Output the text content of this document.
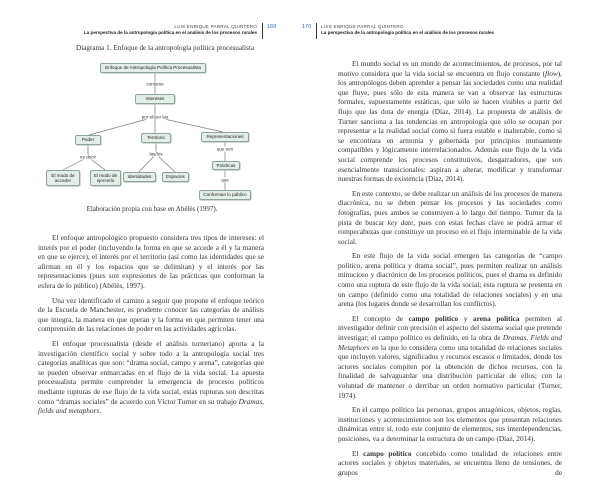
LUIS ENRIQUE PARRAL QUINTERO
La perspectiva de la antropología política en el análisis de los procesos rurales
169	170 LUIS ENRIQUE PARRAL QUINTERO
La perspectiva de la antropología política en el análisis de los procesos rurales
Diagrama 1. Enfoque de la antropología política procesualista
Enfoque de Antropología Política Procesualista
contiene
Intereses
por el/por las
Poder	Territorio	Representaciones
es decir
las/los
que son
El modo de acceder
El modo de ejercerlo
Identidades	Espacios
Prácticas
que
Conforman lo público
Elaboración propia con base en Abélès (1997).

El enfoque antropológico propuesto considera tres tipos de intereses: el interés por el poder (incluyendo la forma en que se accede a él y la manera en que se ejerce), el interés por el territorio (así como las identidades que se afirman en él y los espacios que se delimitan) y el interés por las representaciones (pues son expresiones de las prácticas que conforman la esfera de lo público) (Abélès, 1997).

Una vez identificado el camino a seguir que propone el enfoque teórico de la Escuela de Manchester, es prudente conocer las categorías de análisis que integra, la manera en que operan y la forma en que permiten tener una comprensión de las relaciones de poder en las actividades agrícolas.

El enfoque procesualista (desde el análisis turneriano) aporta a la investigación científico social y sobre todo a la antropología social tres categorías analíticas que son: “drama social, campo y arena”, categorías que se pueden observar enmarcadas en el flujo de la vida social. La apuesta procesualista permite comprender la emergencia de procesos políticos mediante rupturas de ese flujo de la vida social, estas rupturas son descritas como “dramas sociales” de acuerdo con Víctor Turner en su trabajo Dramas, fields and metaphors.

El mundo social es un mundo de acontecimientos, de procesos, por tal motivo considera que la vida social se encuentra en flujo constante (flow), los antropólogos deben aprender a pensar las sociedades como una realidad que fluye, pues sólo de esta manera se van a observar las estructuras formales, supuestamente estáticas, que sólo se hacen visibles a partir del flujo que las dota de energía (Díaz, 2014). La propuesta de análisis de Turner sanciona a las tendencias en antropología que sólo se ocupan por representar a la realidad social como si fuera estable e inalterable, como si se encontrara en armonía y gobernada por principios mutuamente compatibles y lógicamente interrelacionados. Además este flujo de la vida social comprende los procesos constitutivos, desgarradores, que son esencialmente transicionales: aspiran a alterar, modificar y transformar nuestras formas de existencia (Díaz, 2014).

En este contexto, se debe realizar un análisis de los procesos de manera diacrónica, no se deben pensar los procesos y las sociedades como fotografías, pues ambos se construyen a lo largo del tiempo. Turner da la pista de buscar key date, pues con estas fechas clave se podrá armar el rompecabezas que constituye un proceso en el flujo interminable de la vida social.

En este flujo de la vida social emergen las categorías de “campo político, arena política y drama social”, pues permiten realizar un análisis minucioso y diacrónico de los procesos políticos, pues el drama es definido como una ruptura de este flujo de la vida social; esta ruptura se presenta en un campo (definido como una totalidad de relaciones sociales) y en una arena (los lugares donde se desarrollan los conflictos).

El concepto de campo político y arena política permiten al investigador definir con precisión el aspecto del sistema social que pretende investigar; el campo político es definido, en la obra de Dramas, Fields and Metaphors en la que lo considera como una totalidad de relaciones sociales que incluyen valores, significados y recursos escasos o limitados, donde los actores sociales compiten por la obtención de dichos recursos, con la finalidad de salvaguardar una distribución particular de ellos; con la voluntad de mantener o derribar un orden normativo particular (Turner, 1974).

En el campo político las personas, grupos antagónicos, objetos, reglas, instituciones y acontecimientos son los elementos que presentan relaciones dinámicas entre sí, todo este conjunto de elementos, sus interdependencias, posiciones, va a determinar la estructura de un campo (Díaz, 2014).

El campo político concebido como totalidad de relaciones entre actores sociales y objetos materiales, se encuentra lleno de tensiones, de grupos de
